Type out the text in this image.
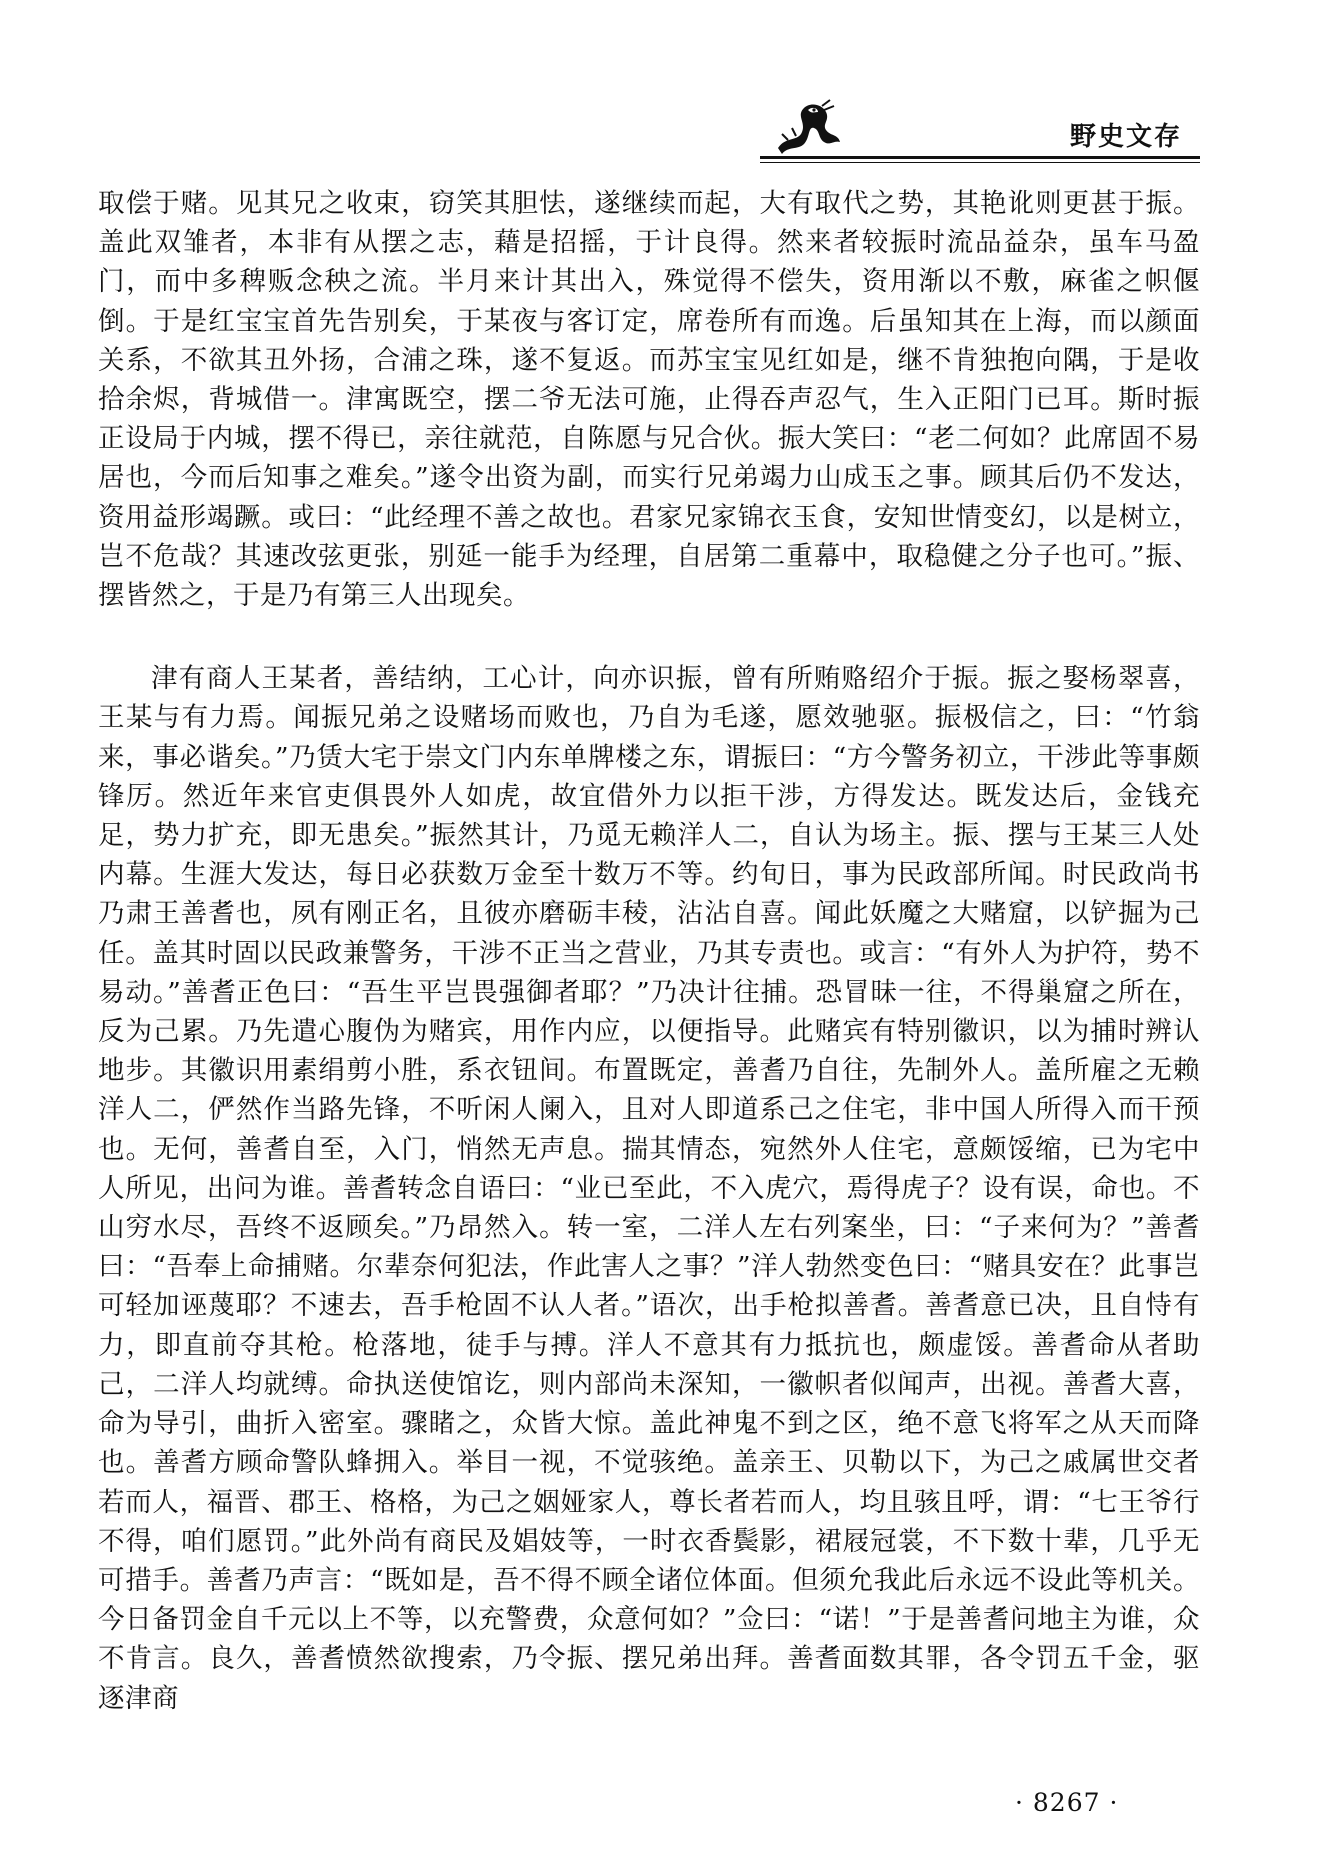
野史文存

取偿于赌。见其兄之收束，窃笑其胆怯，遂继续而起，大有取代之势，其艳讹则更甚于振。盖此双雏者，本非有从摆之志，藉是招摇，于计良得。然来者较振时流品益杂，虽车马盈门，而中多稗贩念秧之流。半月来计其出入，殊觉得不偿失，资用渐以不敷，麻雀之帜偃倒。于是红宝宝首先告别矣，于某夜与客订定，席卷所有而逸。后虽知其在上海，而以颜面关系，不欲其丑外扬，合浦之珠，遂不复返。而苏宝宝见红如是，继不肯独抱向隅，于是收拾余烬，背城借一。津寓既空，摆二爷无法可施，止得吞声忍气，生入正阳门已耳。斯时振正设局于内城，摆不得已，亲往就范，自陈愿与兄合伙。振大笑曰：“老二何如？此席固不易居也，今而后知事之难矣。”遂令出资为副，而实行兄弟竭力山成玉之事。顾其后仍不发达，资用益形竭蹶。或曰：“此经理不善之故也。君家兄家锦衣玉食，安知世情变幻，以是树立，岂不危哉？其速改弦更张，别延一能手为经理，自居第二重幕中，取稳健之分子也可。”振、摆皆然之，于是乃有第三人出现矣。

津有商人王某者，善结纳，工心计，向亦识振，曾有所贿赂绍介于振。振之娶杨翠喜，王某与有力焉。闻振兄弟之设赌场而败也，乃自为毛遂，愿效驰驱。振极信之，曰：“竹翁来，事必谐矣。”乃赁大宅于崇文门内东单牌楼之东，谓振曰：“方今警务初立，干涉此等事颇锋厉。然近年来官吏俱畏外人如虎，故宜借外力以拒干涉，方得发达。既发达后，金钱充足，势力扩充，即无患矣。”振然其计，乃觅无赖洋人二，自认为场主。振、摆与王某三人处内幕。生涯大发达，每日必获数万金至十数万不等。约旬日，事为民政部所闻。时民政尚书乃肃王善耆也，夙有刚正名，且彼亦磨砺丰稜，沾沾自喜。闻此妖魔之大赌窟，以铲掘为己任。盖其时固以民政兼警务，干涉不正当之营业，乃其专责也。或言：“有外人为护符，势不易动。”善耆正色曰：“吾生平岂畏强御者耶？”乃决计往捕。恐冒昧一往，不得巢窟之所在，反为己累。乃先遣心腹伪为赌宾，用作内应，以便指导。此赌宾有特别徽识，以为捕时辨认地步。其徽识用素绢剪小胜，系衣钮间。布置既定，善耆乃自往，先制外人。盖所雇之无赖洋人二，俨然作当路先锋，不听闲人阑入，且对人即道系己之住宅，非中国人所得入而干预也。无何，善耆自至，入门，悄然无声息。揣其情态，宛然外人住宅，意颇馁缩，已为宅中人所见，出问为谁。善耆转念自语曰：“业已至此，不入虎穴，焉得虎子？设有误，命也。不山穷水尽，吾终不返顾矣。”乃昂然入。转一室，二洋人左右列案坐，曰：“子来何为？”善耆曰：“吾奉上命捕赌。尔辈奈何犯法，作此害人之事？”洋人勃然变色曰：“赌具安在？此事岂可轻加诬蔑耶？不速去，吾手枪固不认人者。”语次，出手枪拟善耆。善耆意已决，且自恃有力，即直前夺其枪。枪落地，徒手与搏。洋人不意其有力抵抗也，颇虚馁。善耆命从者助己，二洋人均就缚。命执送使馆讫，则内部尚未深知，一徽帜者似闻声，出视。善耆大喜，命为导引，曲折入密室。骤睹之，众皆大惊。盖此神鬼不到之区，绝不意飞将军之从天而降也。善耆方顾命警队蜂拥入。举目一视，不觉骇绝。盖亲王、贝勒以下，为己之戚属世交者若而人，福晋、郡王、格格，为己之姻娅家人，尊长者若而人，均且骇且呼，谓：“七王爷行不得，咱们愿罚。”此外尚有商民及娼妓等，一时衣香鬓影，裙屐冠裳，不下数十辈，几乎无可措手。善耆乃声言：“既如是，吾不得不顾全诸位体面。但须允我此后永远不设此等机关。今日备罚金自千元以上不等，以充警费，众意何如？”佥曰：“诺！”于是善耆问地主为谁，众不肯言。良久，善耆愤然欲搜索，乃令振、摆兄弟出拜。善耆面数其罪，各令罚五千金，驱逐津商

· 8267 ·
